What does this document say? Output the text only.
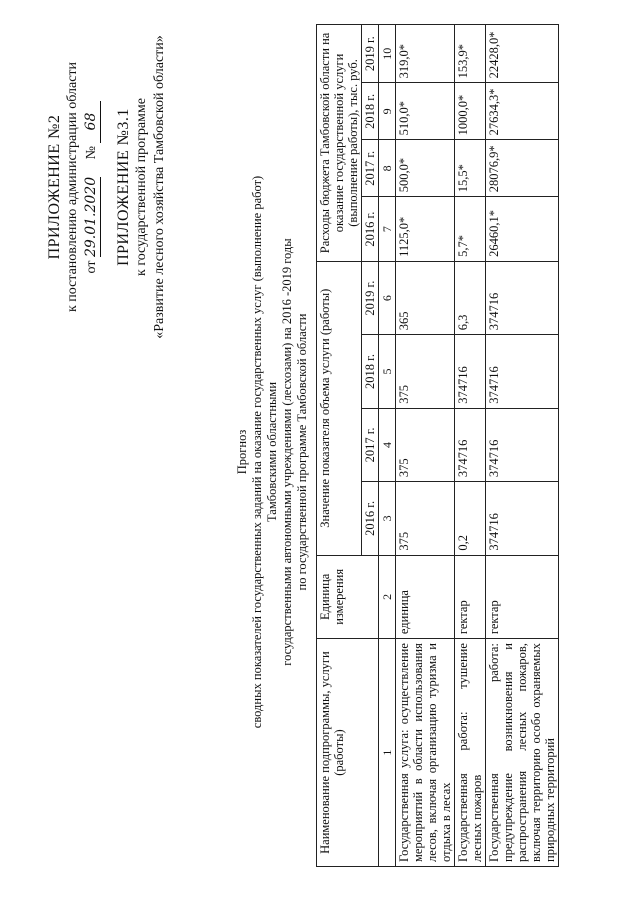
ПРИЛОЖЕНИЕ №2 к постановлению администрации области от 29.01.2020     № 68 ПРИЛОЖЕНИЕ №3.1 к государственной программе «Развитие лесного хозяйства Тамбовской области»
Прогноз сводных показателей государственных заданий на оказание государственных услуг (выполнение работ) Тамбовскими областными государственными автономными учреждениями (лесхозами) на 2016 -2019 годы по государственной программе Тамбовской области
Наименование подпрограммы, услуги (работы)	Единица измерения	Значение показателя объема услуги (работы)				Расходы бюджета Тамбовской области на оказание государственной услуги (выполнение работы), тыс. руб.			
		2016 г.	2017 г.	2018 г.	2019 г.	2016 г.	2017 г.	2018 г.	2019 г.
1	2	3	4	5	6	7	8	9	10
Государственная услуга: осуществление мероприятий в области использования лесов, включая организацию туризма и отдыха в лесах	единица	375	375	375	365	1125,0*	500,0*	510,0*	319,0*
Государственная работа: тушение лесных пожаров	гектар	0,2	374716	374716	6,3	5,7*	15,5*	1000,0*	153,9*
Государственная работа: предупреждение возникновения и распространения лесных пожаров, включая территорию особо охраняемых природных территорий	гектар	374716	374716	374716	374716	26460,1*	28076,9*	27634,3*	22428,0*
